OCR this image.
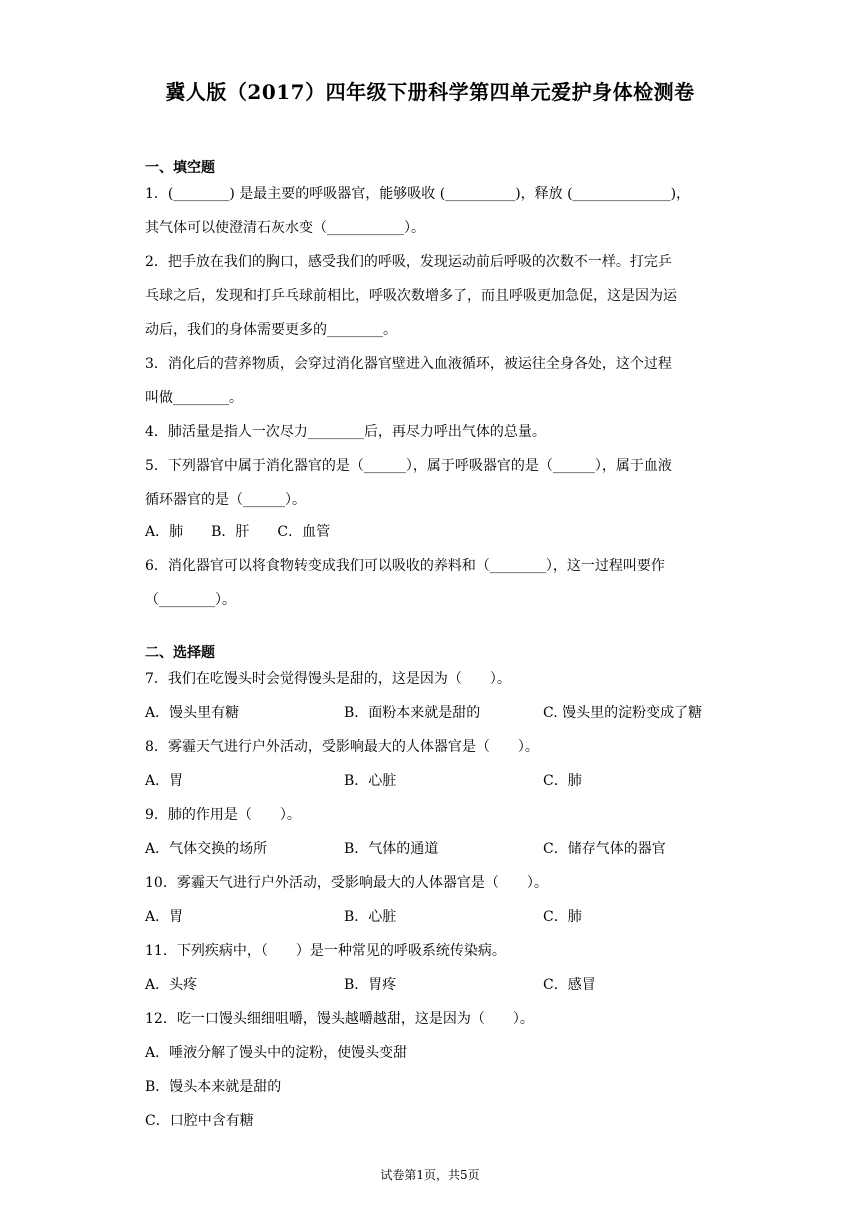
冀人版（2017）四年级下册科学第四单元爱护身体检测卷
一、填空题
1．(________) 是最主要的呼吸器官，能够吸收 (__________)，释放 (______________)，
其气体可以使澄清石灰水变（___________）。
2．把手放在我们的胸口，感受我们的呼吸，发现运动前后呼吸的次数不一样。打完乒
乓球之后，发现和打乒乓球前相比，呼吸次数增多了，而且呼吸更加急促，这是因为运
动后，我们的身体需要更多的________。
3．消化后的营养物质，会穿过消化器官壁进入血液循环，被运往全身各处，这个过程
叫做________。
4．肺活量是指人一次尽力________后，再尽力呼出气体的总量。
5．下列器官中属于消化器官的是（______），属于呼吸器官的是（______），属于血液
循环器官的是（______）。
A．肺　　B．肝　　C．血管
6．消化器官可以将食物转变成我们可以吸收的养料和（________），这一过程叫要作
（________）。
二、选择题
7．我们在吃馒头时会觉得馒头是甜的，这是因为（　　）。
A．馒头里有糖	B．面粉本来就是甜的	C. 馒头里的淀粉变成了糖
8．雾霾天气进行户外活动，受影响最大的人体器官是（　　）。
A．胃	B．心脏	C．肺
9．肺的作用是（　　）。
A．气体交换的场所	B．气体的通道	C．储存气体的器官
10．雾霾天气进行户外活动，受影响最大的人体器官是（　　）。
A．胃	B．心脏	C．肺
11．下列疾病中，（　　）是一种常见的呼吸系统传染病。
A．头疼	B．胃疼	C．感冒
12．吃一口馒头细细咀嚼，馒头越嚼越甜，这是因为（　　）。
A．唾液分解了馒头中的淀粉，使馒头变甜
B．馒头本来就是甜的
C．口腔中含有糖
试卷第1页，共5页
